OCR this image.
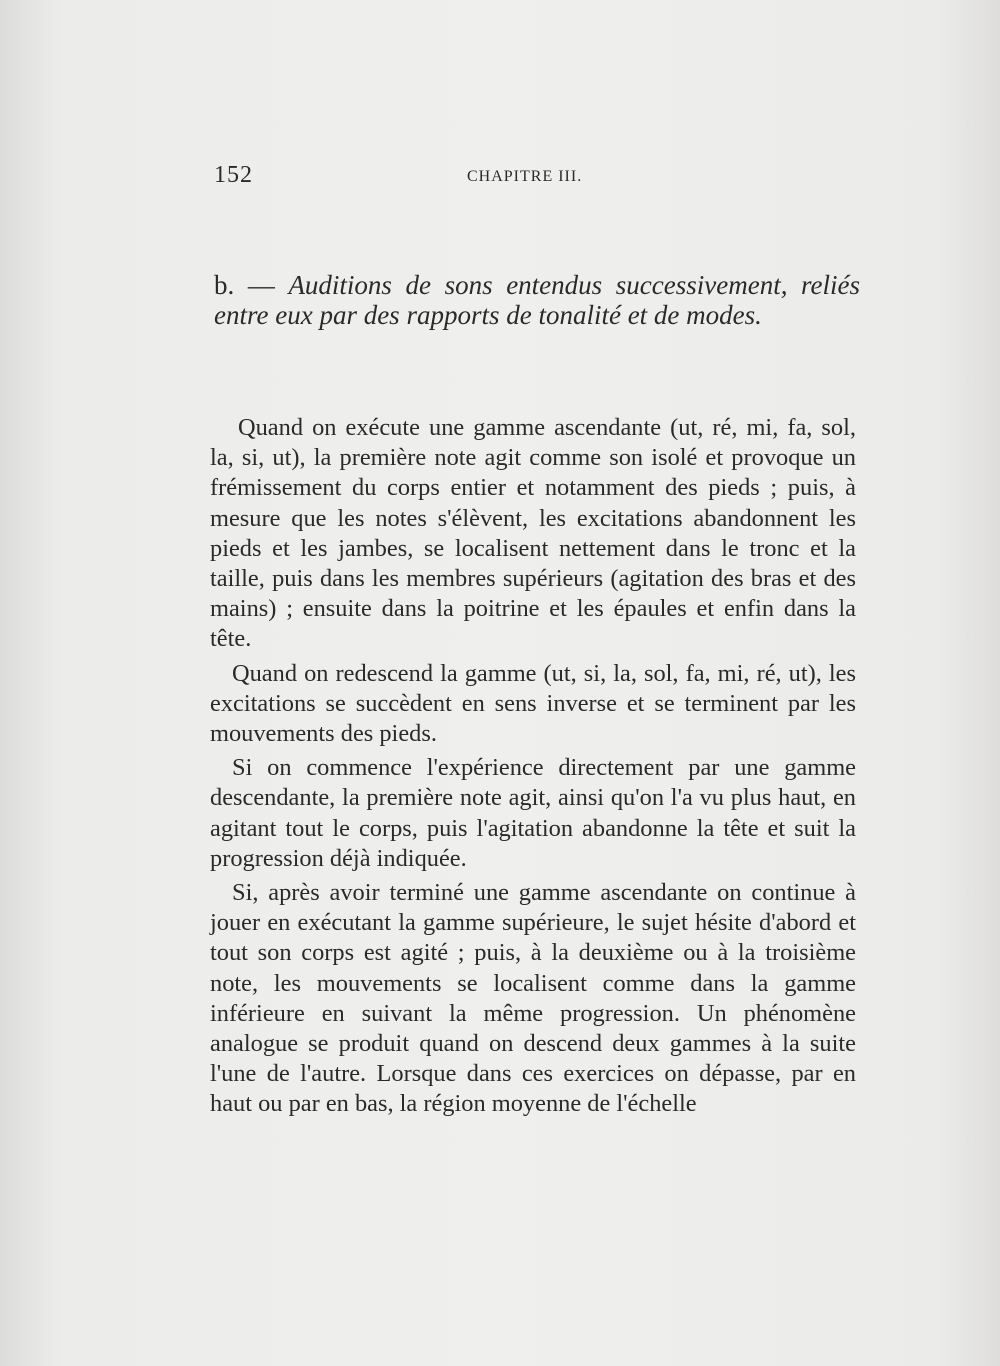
152	CHAPITRE III.

b. — Auditions de sons entendus successivement, reliés entre eux par des rapports de tonalité et de modes.

Quand on exécute une gamme ascendante (ut, ré, mi, fa, sol, la, si, ut), la première note agit comme son isolé et provoque un frémissement du corps entier et notamment des pieds ; puis, à mesure que les notes s'élèvent, les excitations abandonnent les pieds et les jambes, se localisent nettement dans le tronc et la taille, puis dans les membres supérieurs (agitation des bras et des mains) ; ensuite dans la poitrine et les épaules et enfin dans la tête.

Quand on redescend la gamme (ut, si, la, sol, fa, mi, ré, ut), les excitations se succèdent en sens inverse et se terminent par les mouvements des pieds.

Si on commence l'expérience directement par une gamme descendante, la première note agit, ainsi qu'on l'a vu plus haut, en agitant tout le corps, puis l'agitation abandonne la tête et suit la progression déjà indiquée.

Si, après avoir terminé une gamme ascendante on continue à jouer en exécutant la gamme supérieure, le sujet hésite d'abord et tout son corps est agité ; puis, à la deuxième ou à la troisième note, les mouvements se localisent comme dans la gamme inférieure en suivant la même progression. Un phénomène analogue se produit quand on descend deux gammes à la suite l'une de l'autre. Lorsque dans ces exercices on dépasse, par en haut ou par en bas, la région moyenne de l'échelle
